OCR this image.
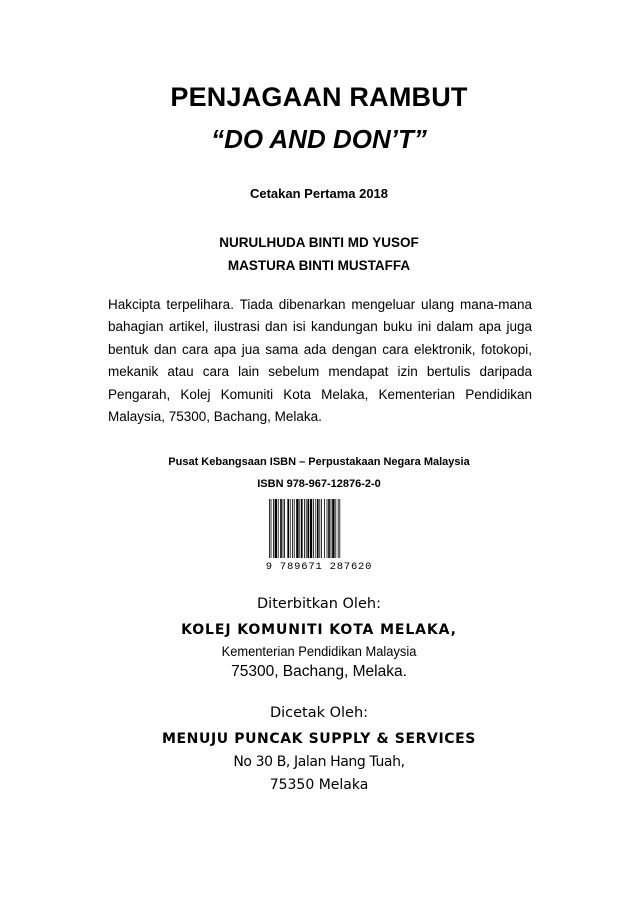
PENJAGAAN RAMBUT
“DO AND DON’T”
Cetakan Pertama 2018
NURULHUDA BINTI MD YUSOF
MASTURA BINTI MUSTAFFA
Hakcipta terpelihara. Tiada dibenarkan mengeluar ulang mana-mana bahagian artikel, ilustrasi dan isi kandungan buku ini dalam apa juga bentuk dan cara apa jua sama ada dengan cara elektronik, fotokopi, mekanik atau cara lain sebelum mendapat izin bertulis daripada Pengarah, Kolej Komuniti Kota Melaka, Kementerian Pendidikan Malaysia, 75300, Bachang, Melaka.
Pusat Kebangsaan ISBN – Perpustakaan Negara Malaysia
ISBN 978-967-12876-2-0
9 789671 287620
Diterbitkan Oleh:
KOLEJ KOMUNITI KOTA MELAKA,
Kementerian Pendidikan Malaysia
75300, Bachang, Melaka.
Dicetak Oleh:
MENUJU PUNCAK SUPPLY & SERVICES
No 30 B, Jalan Hang Tuah,
75350 Melaka
